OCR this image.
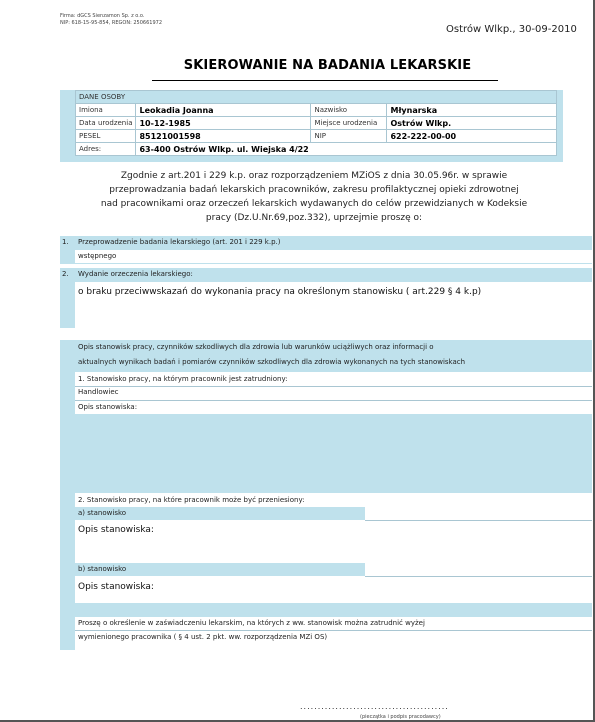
Firma: dGCS Sienzamon Sp. z o.o.
NIP: 618-15-95-854, REGON: 250661972
Ostrów Wlkp., 30-09-2010
SKIEROWANIE NA BADANIA LEKARSKIE
DANE OSOBY			
Imiona	Leokadia Joanna	Nazwisko	Młynarska
Data urodzenia	10-12-1985	Miejsce urodzenia	Ostrów Wlkp.
PESEL	85121001598	NIP	622-222-00-00
Adres:	63-400 Ostrów Wlkp. ul. Wiejska 4/22		
Zgodnie z art.201 i 229 k.p. oraz rozporządzeniem MZiOS z dnia 30.05.96r. w sprawie
przeprowadzania badań lekarskich pracowników, zakresu profilaktycznej opieki zdrowotnej
nad pracownikami oraz orzeczeń lekarskich wydawanych do celów przewidzianych w Kodeksie
pracy (Dz.U.Nr.69,poz.332), uprzejmie proszę o:
1. Przeprowadzenie badania lekarskiego (art. 201 i 229 k.p.)
wstępnego
2. Wydanie orzeczenia lekarskiego:
o braku przeciwwskazań do wykonania pracy na określonym stanowisku ( art.229 § 4 k.p)
Opis stanowisk pracy, czynników szkodliwych dla zdrowia lub warunków uciążliwych oraz informacji o
aktualnych wynikach badań i pomiarów czynników szkodliwych dla zdrowia wykonanych na tych stanowiskach
1. Stanowisko pracy, na którym pracownik jest zatrudniony:
Handlowiec
Opis stanowiska:
2. Stanowisko pracy, na które pracownik może być przeniesiony:
a) stanowisko
Opis stanowiska:
b) stanowisko
Opis stanowiska:
Proszę o określenie w zaświadczeniu lekarskim, na których z ww. stanowisk można zatrudnić wyżej
wymienionego pracownika ( § 4 ust. 2 pkt. ww. rozporządzenia MZi OS)
..........................................
(pieczątka i podpis pracodawcy)
